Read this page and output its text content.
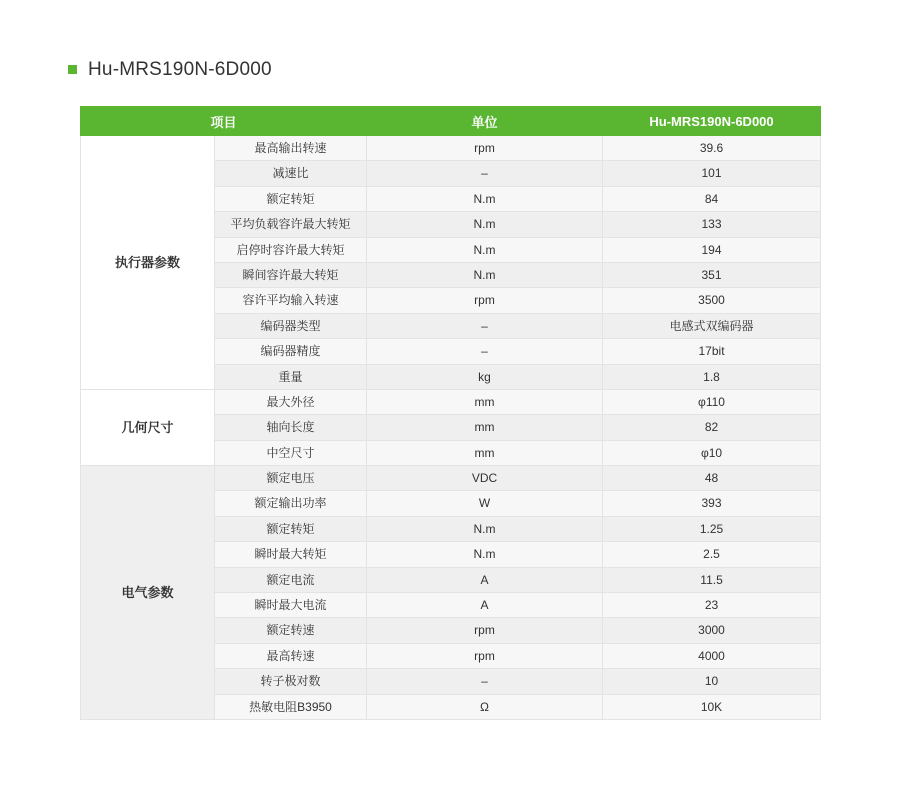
Hu-MRS190N-6D000
项目		单位	Hu-MRS190N-6D000
执行器参数	最高输出转速	rpm	39.6
	减速比	–	101
	额定转矩	N.m	84
	平均负载容许最大转矩	N.m	133
	启停时容许最大转矩	N.m	194
	瞬间容许最大转矩	N.m	351
	容许平均输入转速	rpm	3500
	编码器类型	–	电感式双编码器
	编码器精度	–	17bit
	重量	kg	1.8
几何尺寸	最大外径	mm	φ110
	轴向长度	mm	82
	中空尺寸	mm	φ10
电气参数	额定电压	VDC	48
	额定输出功率	W	393
	额定转矩	N.m	1.25
	瞬时最大转矩	N.m	2.5
	额定电流	A	11.5
	瞬时最大电流	A	23
	额定转速	rpm	3000
	最高转速	rpm	4000
	转子极对数	–	10
	热敏电阻B3950	Ω	10K
